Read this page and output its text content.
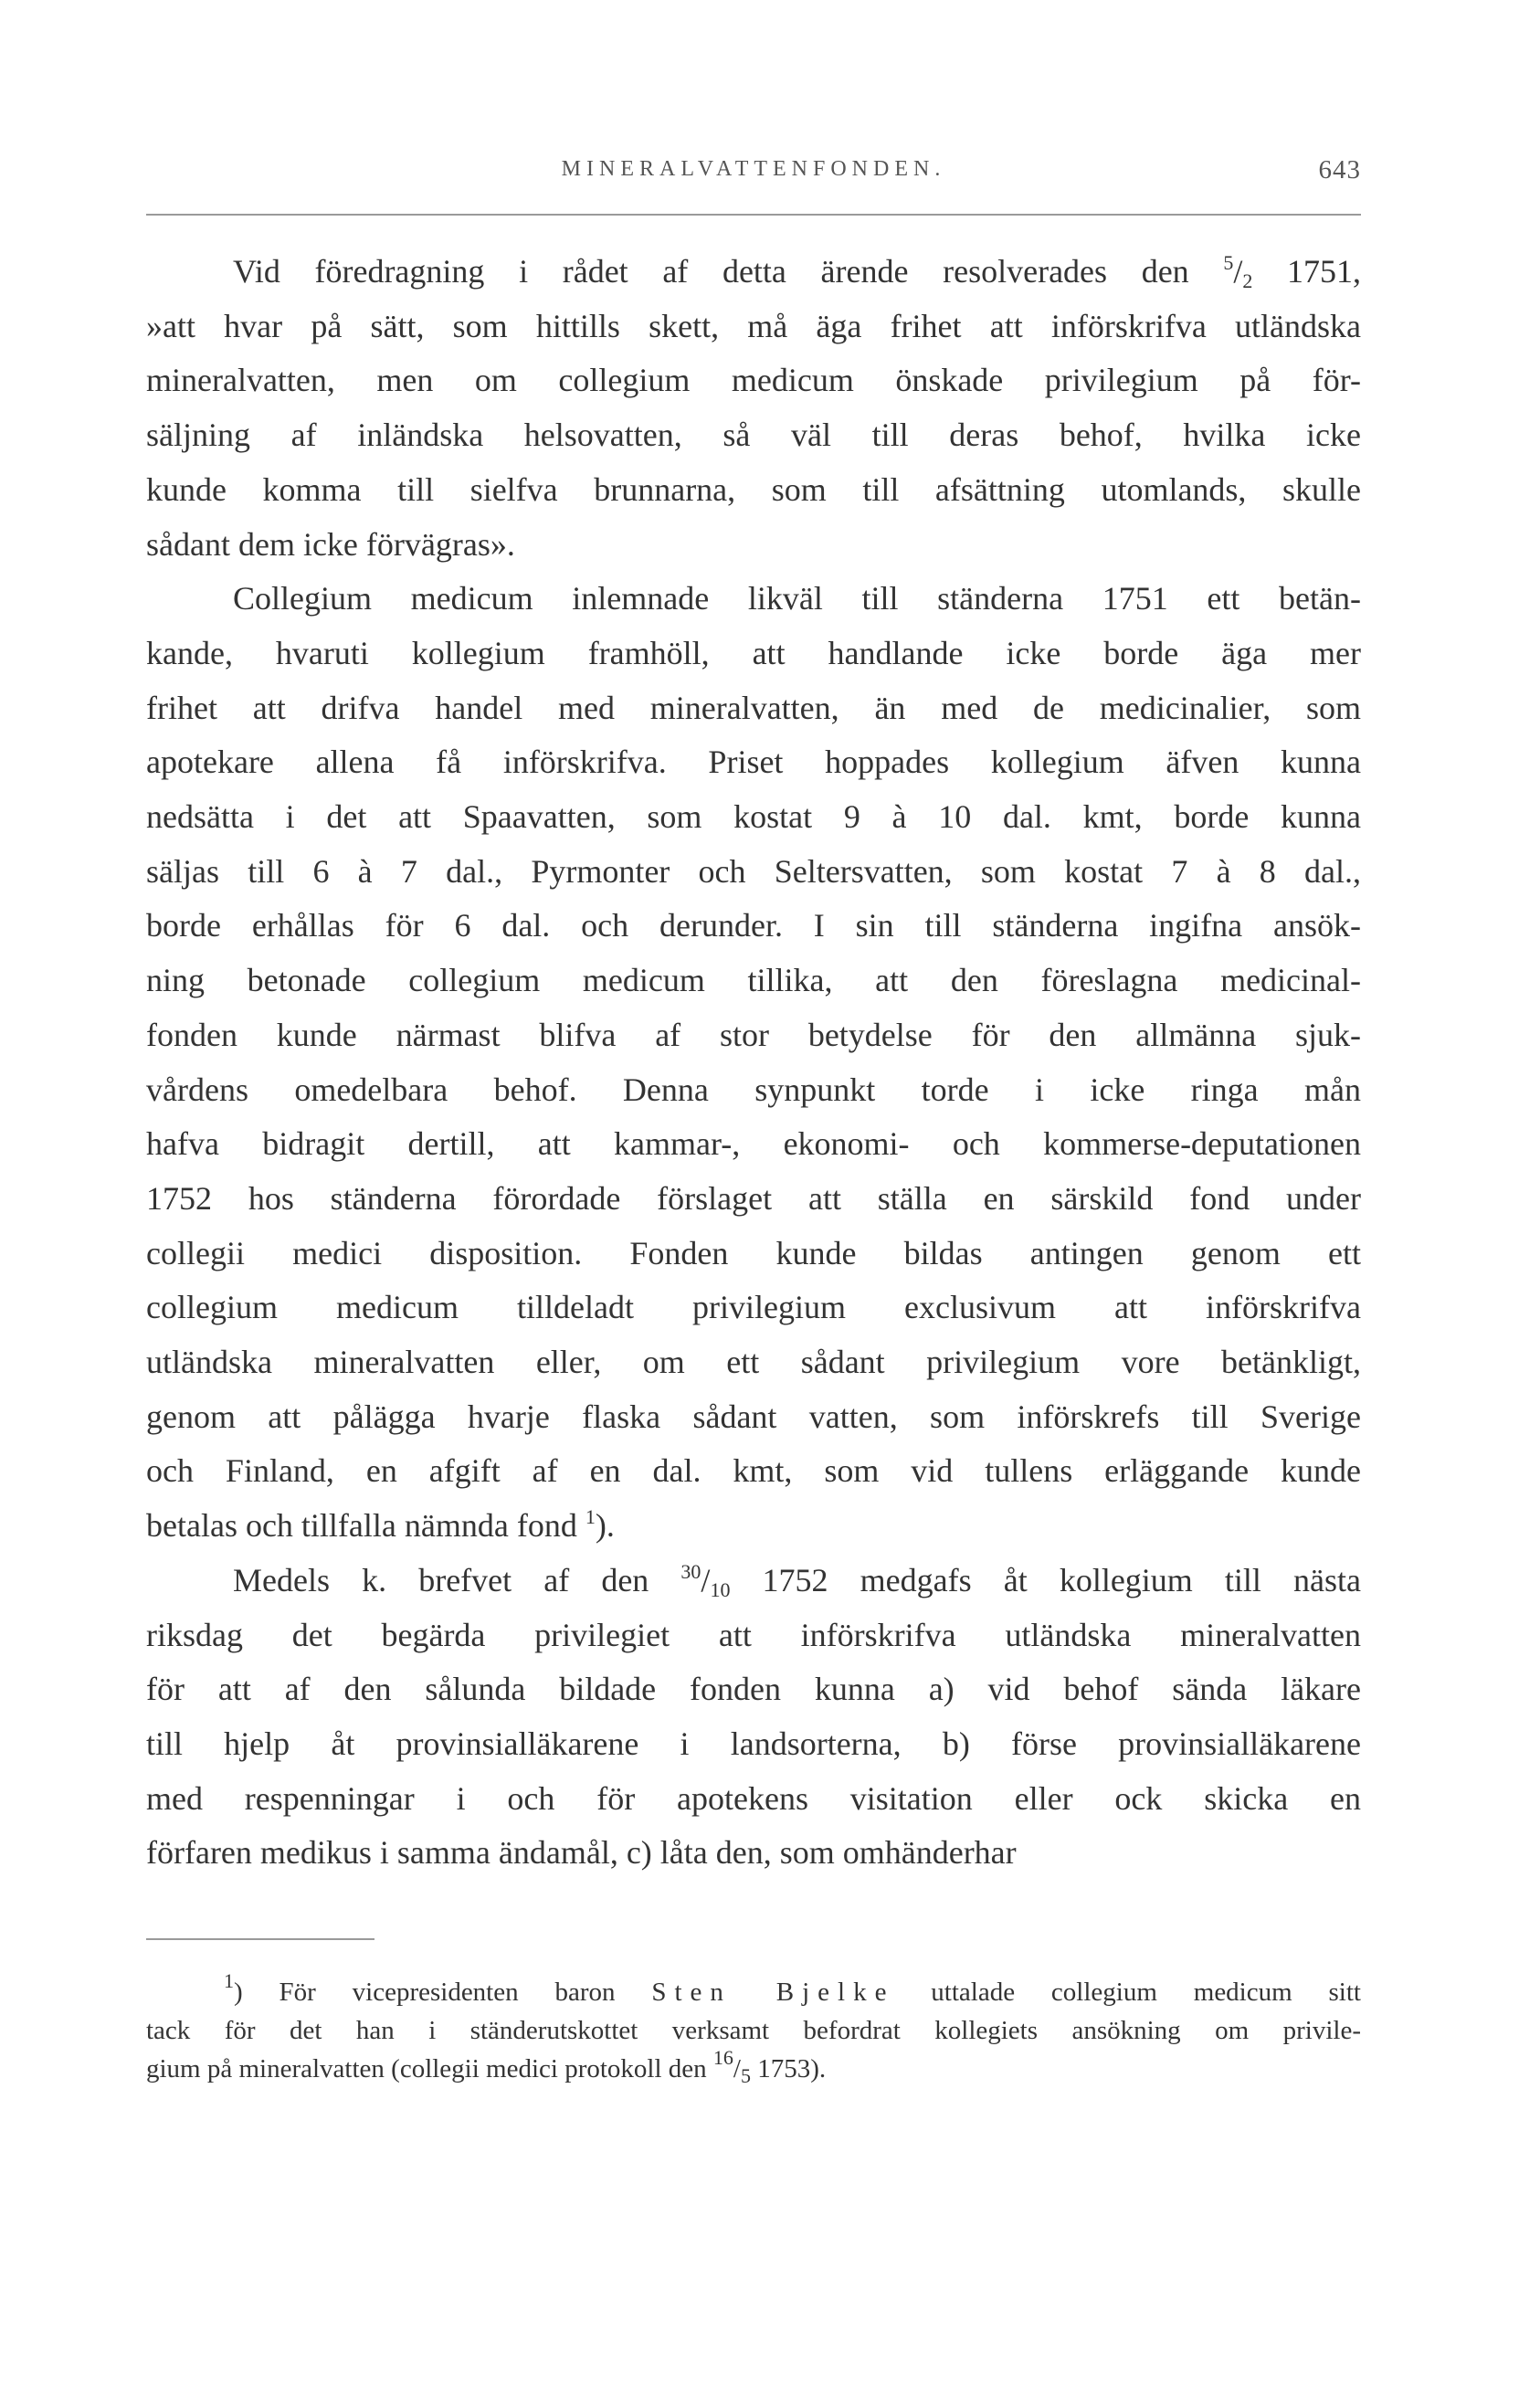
MINERALVATTENFONDEN.	643
Vid föredragning i rådet af detta ärende resolverades den $^5/_2$ 1751,
»att hvar på sätt, som hittills skett, må äga frihet att införskrifva utländska
mineralvatten, men om collegium medicum önskade privilegium på för-
säljning af inländska helsovatten, så väl till deras behof, hvilka icke
kunde komma till sielfva brunnarna, som till afsättning utomlands, skulle
sådant dem icke förvägras».
Collegium medicum inlemnade likväl till ständerna 1751 ett betän-
kande, hvaruti kollegium framhöll, att handlande icke borde äga mer
frihet att drifva handel med mineralvatten, än med de medicinalier, som
apotekare allena få införskrifva. Priset hoppades kollegium äfven kunna
nedsätta i det att Spaavatten, som kostat 9 à 10 dal. kmt, borde kunna
säljas till 6 à 7 dal., Pyrmonter och Seltersvatten, som kostat 7 à 8 dal.,
borde erhållas för 6 dal. och derunder. I sin till ständerna ingifna ansök-
ning betonade collegium medicum tillika, att den föreslagna medicinal-
fonden kunde närmast blifva af stor betydelse för den allmänna sjuk-
vårdens omedelbara behof. Denna synpunkt torde i icke ringa mån
hafva bidragit dertill, att kammar-, ekonomi- och kommerse-deputationen
1752 hos ständerna förordade förslaget att ställa en särskild fond under
collegii medici disposition. Fonden kunde bildas antingen genom ett
collegium medicum tilldeladt privilegium exclusivum att införskrifva
utländska mineralvatten eller, om ett sådant privilegium vore betänkligt,
genom att pålägga hvarje flaska sådant vatten, som införskrefs till Sverige
och Finland, en afgift af en dal. kmt, som vid tullens erläggande kunde
betalas och tillfalla nämnda fond $^1$).
Medels k. brefvet af den $^{30}/_{10}$ 1752 medgafs åt kollegium till nästa
riksdag det begärda privilegiet att införskrifva utländska mineralvatten
för att af den sålunda bildade fonden kunna a) vid behof sända läkare
till hjelp åt provinsialläkarene i landsorterna, b) förse provinsialläkarene
med respenningar i och för apotekens visitation eller ock skicka en
förfaren medikus i samma ändamål, c) låta den, som omhänderhar
$^1$) För vicepresidenten baron Sten Bjelke uttalade collegium medicum sitt
tack för det han i ständerutskottet verksamt befordrat kollegiets ansökning om privile-
gium på mineralvatten (collegii medici protokoll den $^{16}/_5$ 1753).
